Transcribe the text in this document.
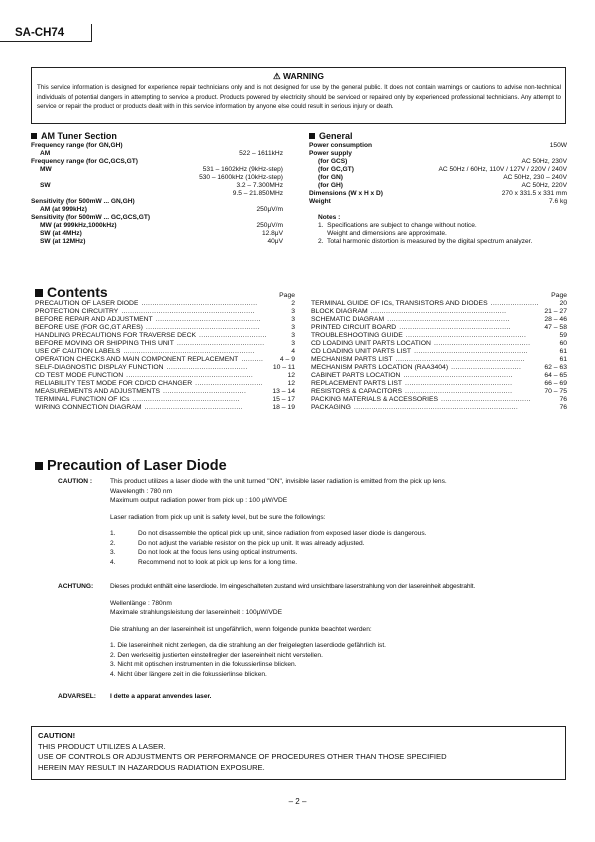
SA-CH74
⚠ WARNING
This service information is designed for experience repair technicians only and is not designed for use by the general public. It does not contain warnings or cautions to advise non-technical individuals of potential dangers in attempting to service a product. Products powered by electricity should be serviced or repaired only by experienced professional technicians. Any attempt to service or repair the product or products dealt with in this service information by anyone else could result in serious injury or death.
AM Tuner Section
Frequency range (for GN,GH)
AM	522 – 1611kHz
Frequency range (for GC,GCS,GT)
MW	531 – 1602kHz (9kHz-step)
530 – 1600kHz (10kHz-step)
SW	3.2 – 7.300MHz
9.5 – 21.850MHz
Sensitivity (for 500mW ... GN,GH)
AM (at 999kHz)	250μV/m
Sensitivity (for 500mW ... GC,GCS,GT)
MW (at 999kHz,1000kHz)	250μV/m
SW (at 4MHz)	12.8μV
SW (at 12MHz)	40μV
General
Power consumption	150W
Power supply
(for GCS)	AC 50Hz, 230V
(for GC,GT)	AC 50Hz / 60Hz, 110V / 127V / 220V / 240V
(for GN)	AC 50Hz, 230 – 240V
(for GH)	AC 50Hz, 220V
Dimensions (W x H x D)	270 x 331.5 x 331 mm
Weight	7.6 kg
Notes :
1.  Specifications are subject to change without notice.
Weight and dimensions are approximate.
2.  Total harmonic distortion is measured by the digital spectrum analyzer.
Contents	Page	Page
PRECAUTION OF LASER DIODE .....................................................	2
PROTECTION CIRCUITRY .............................................................	3
BEFORE REPAIR AND ADJUSTMENT ................................................	3
BEFORE USE (FOR GC,GT ARES) ....................................................	3
HANDLING PRECAUTIONS FOR TRAVERSE DECK ...............................	3
BEFORE MOVING OR SHIPPING THIS UNIT ........................................	3
USE OF CAUTION LABELS ............................................................	4
OPERATION CHECKS AND MAIN COMPONENT REPLACEMENT ..........	4 – 9
SELF-DIAGNOSTIC DISPLAY FUNCTION .....................................	10 – 11
CD TEST MODE FUNCTION ..........................................................	12
RELIABILITY TEST MODE FOR CD/CD CHANGER ...............................	12
MEASUREMENTS AND ADJUSTMENTS ......................................	13 – 14
TERMINAL FUNCTION OF ICs .................................................	15 – 17
WIRING CONNECTION DIAGRAM .............................................	18 – 19
TERMINAL GUIDE OF ICs, TRANSISTORS AND DIODES ......................	20
BLOCK DIAGRAM ..............................................................	21 – 27
SCHEMATIC DIAGRAM ........................................................	28 – 46
PRINTED CIRCUIT BOARD ...................................................	47 – 58
TROUBLESHOOTING GUIDE .......................................................	59
CD LOADING UNIT PARTS LOCATION ............................................	60
CD LOADING UNIT PARTS LIST ....................................................	61
MECHANISM PARTS LIST ...........................................................	61
MECHANISM PARTS LOCATION (RAA3404) ................................	62 – 63
CABINET PARTS LOCATION ..................................................	64 – 65
REPLACEMENT PARTS LIST .................................................	66 – 69
RESISTORS & CAPACITORS .................................................	70 – 75
PACKING MATERIALS & ACCESSORIES .........................................	76
PACKAGING ...........................................................................	76
Precaution of Laser Diode
CAUTION :	This product utilizes a laser diode with the unit turned "ON", invisible laser radiation is emitted from the pick up lens.
Wavelength : 780 nm
Maximum output radiation power from pick up : 100 μW/VDE
Laser radiation from pick up unit is safety level, but be sure the followings:
1.	Do not disassemble the optical pick up unit, since radiation from exposed laser diode is dangerous.
2.	Do not adjust the variable resistor on the pick up unit. It was already adjusted.
3.	Do not look at the focus lens using optical instruments.
4.	Recommend not to look at pick up lens for a long time.
ACHTUNG:	Dieses produkt enthält eine laserdiode. Im eingeschalteten zustand wird unsichtbare laserstrahlung von der lasereinheit abgestrahlt.
Wellenlänge : 780nm
Maximale strahlungsleistung der lasereinheit : 100μW/VDE
Die strahlung an der lasereinheit ist ungefährlich, wenn folgende punkte beachtet werden:
1. Die lasereinheit nicht zerlegen, da die strahlung an der freigelegten laserdiode gefährlich ist.
2. Den werkseitig justierten einstellregler der lasereinheit nicht verstellen.
3. Nicht mit optischen instrumenten in die fokussierlinse blicken.
4. Nicht über längere zeit in die fokussierlinse blicken.
ADVARSEL: I dette a apparat anvendes laser.
CAUTION!
THIS PRODUCT UTILIZES A LASER.
USE OF CONTROLS OR ADJUSTMENTS OR PERFORMANCE OF PROCEDURES OTHER THAN THOSE SPECIFIED
HEREIN MAY RESULT IN HAZARDOUS RADIATION EXPOSURE.
– 2 –
